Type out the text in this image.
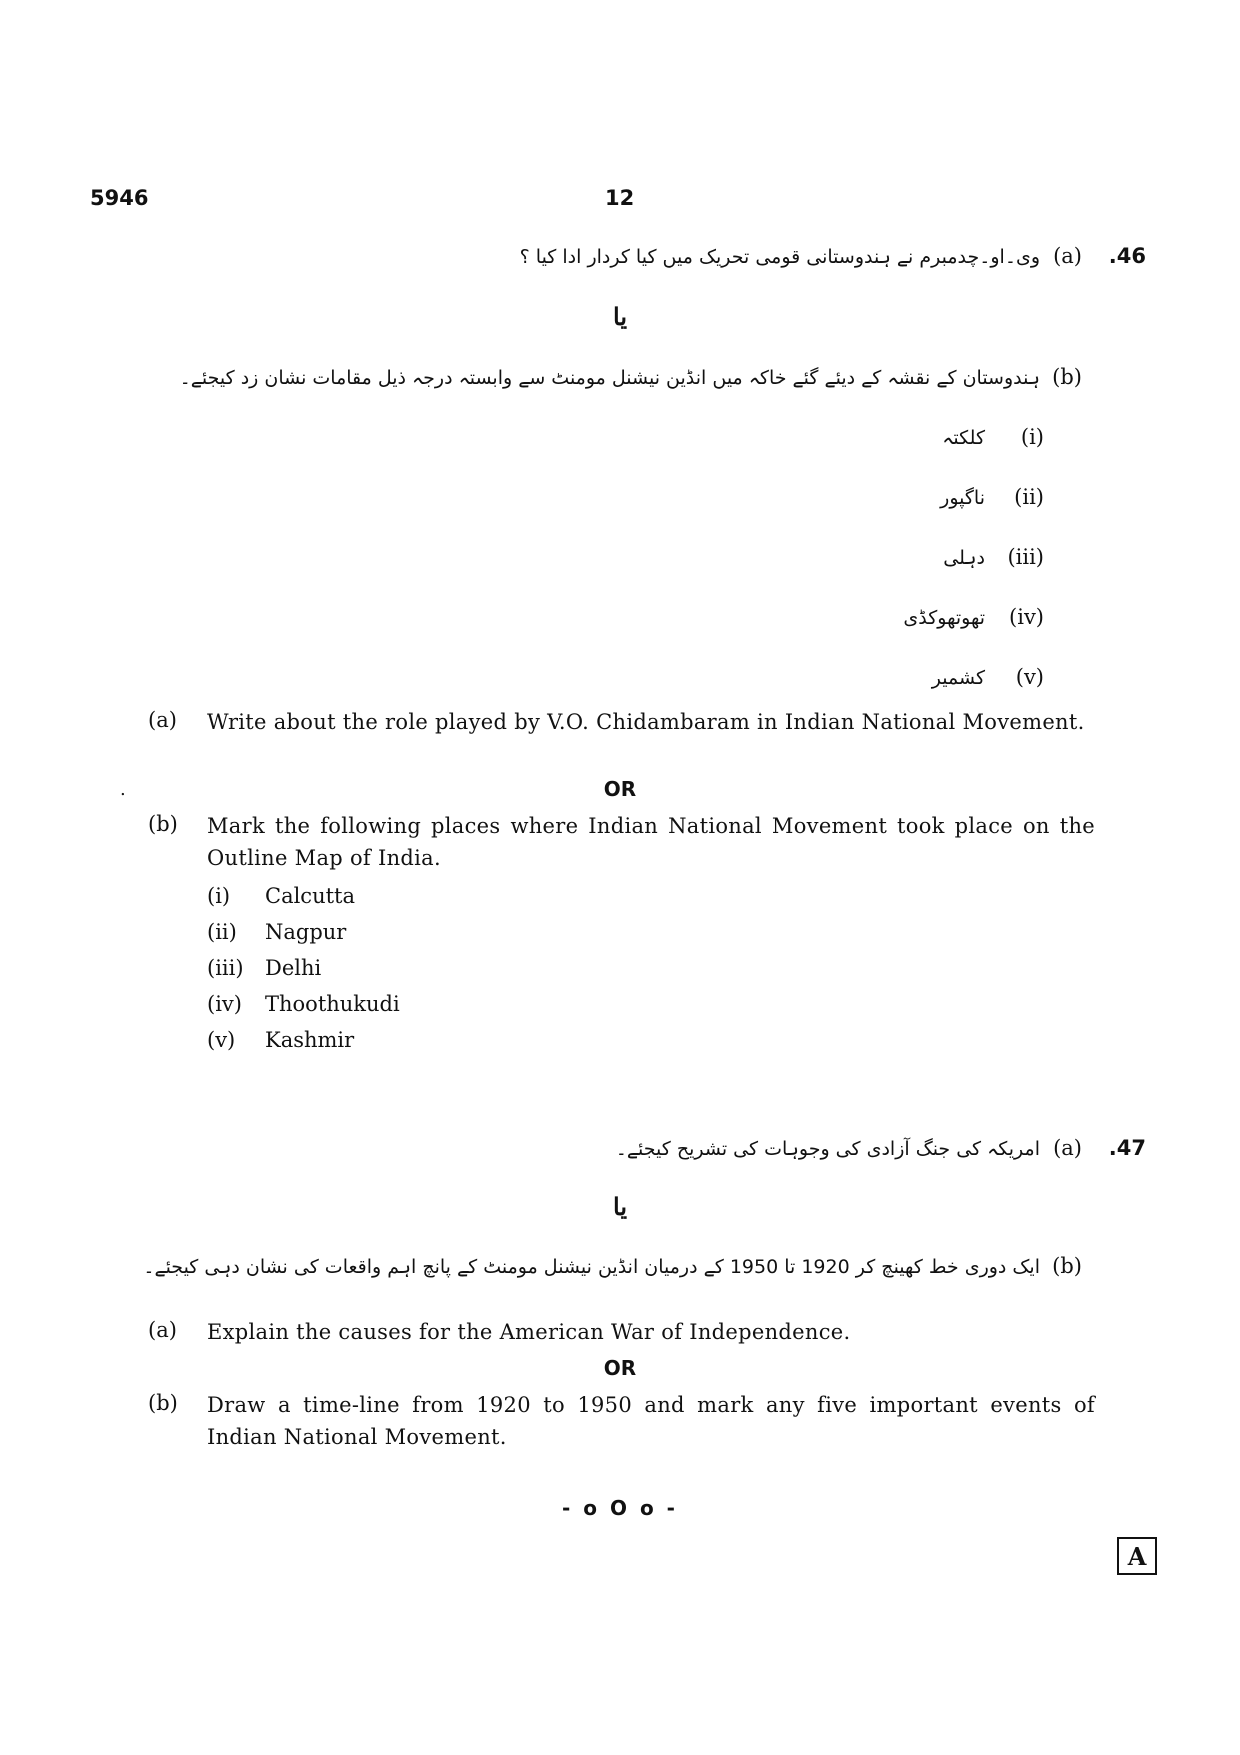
5946	12
.46
(a)
وی۔او۔چدمبرم نے ہندوستانی قومی تحریک میں کیا کردار ادا کیا ؟
یا
(b)
ہندوستان کے نقشہ کے دیئے گئے خاکہ میں انڈین نیشنل مومنٹ سے وابستہ درجہ ذیل مقامات نشان زد کیجئے۔
(i)
کلکتہ
(ii)
ناگپور
(iii)
دہلی
(iv)
تھوتھوکڈی
(v)
کشمیر
(a) Write about the role played by V.O. Chidambaram in Indian National Movement.
.	OR
(b) Mark the following places where Indian National Movement took place on the Outline Map of India.
(i) Calcutta
(ii) Nagpur
(iii) Delhi
(iv) Thoothukudi
(v) Kashmir
.47
(a)
امریکہ کی جنگ آزادی کی وجوہات کی تشریح کیجئے۔
یا
(b)
ایک دوری خط کھینچ کر 1920 تا 1950 کے درمیان انڈین نیشنل مومنٹ کے پانچ اہم واقعات کی نشان دہی کیجئے۔
(a) Explain the causes for the American War of Independence.
OR
(b) Draw a time-line from 1920 to 1950 and mark any five important events of Indian National Movement.
- o O o -
A
